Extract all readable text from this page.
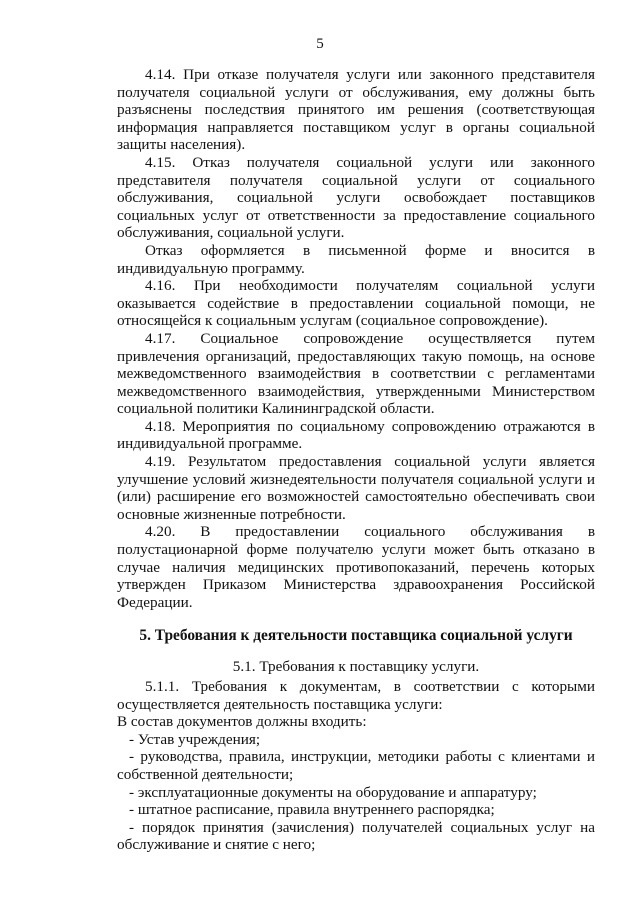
5

4.14. При отказе получателя услуги или законного представителя получателя социальной услуги от обслуживания, ему должны быть разъяснены последствия принятого им решения (соответствующая информация направляется поставщиком услуг в органы социальной защиты населения).

4.15. Отказ получателя социальной услуги или законного представителя получателя социальной услуги от социального обслуживания, социальной услуги освобождает поставщиков социальных услуг от ответственности за предоставление социального обслуживания, социальной услуги.

Отказ оформляется в письменной форме и вносится в индивидуальную программу.

4.16. При необходимости получателям социальной услуги оказывается содействие в предоставлении социальной помощи, не относящейся к социальным услугам (социальное сопровождение).

4.17. Социальное сопровождение осуществляется путем привлечения организаций, предоставляющих такую помощь, на основе межведомственного взаимодействия в соответствии с регламентами межведомственного взаимодействия, утвержденными Министерством социальной политики Калининградской области.

4.18. Мероприятия по социальному сопровождению отражаются в индивидуальной программе.

4.19. Результатом предоставления социальной услуги является улучшение условий жизнедеятельности получателя социальной услуги и (или) расширение его возможностей самостоятельно обеспечивать свои основные жизненные потребности.

4.20. В предоставлении социального обслуживания в полустационарной форме получателю услуги может быть отказано в случае наличия медицинских противопоказаний, перечень которых утвержден Приказом Министерства здравоохранения Российской Федерации.

5. Требования к деятельности поставщика социальной услуги

5.1. Требования к поставщику услуги.

5.1.1. Требования к документам, в соответствии с которыми осуществляется деятельность поставщика услуги:

В состав документов должны входить:

- Устав учреждения;

- руководства, правила, инструкции, методики работы с клиентами и собственной деятельности;

- эксплуатационные документы на оборудование и аппаратуру;

- штатное расписание, правила внутреннего распорядка;

- порядок принятия (зачисления) получателей социальных услуг на обслуживание и снятие с него;
